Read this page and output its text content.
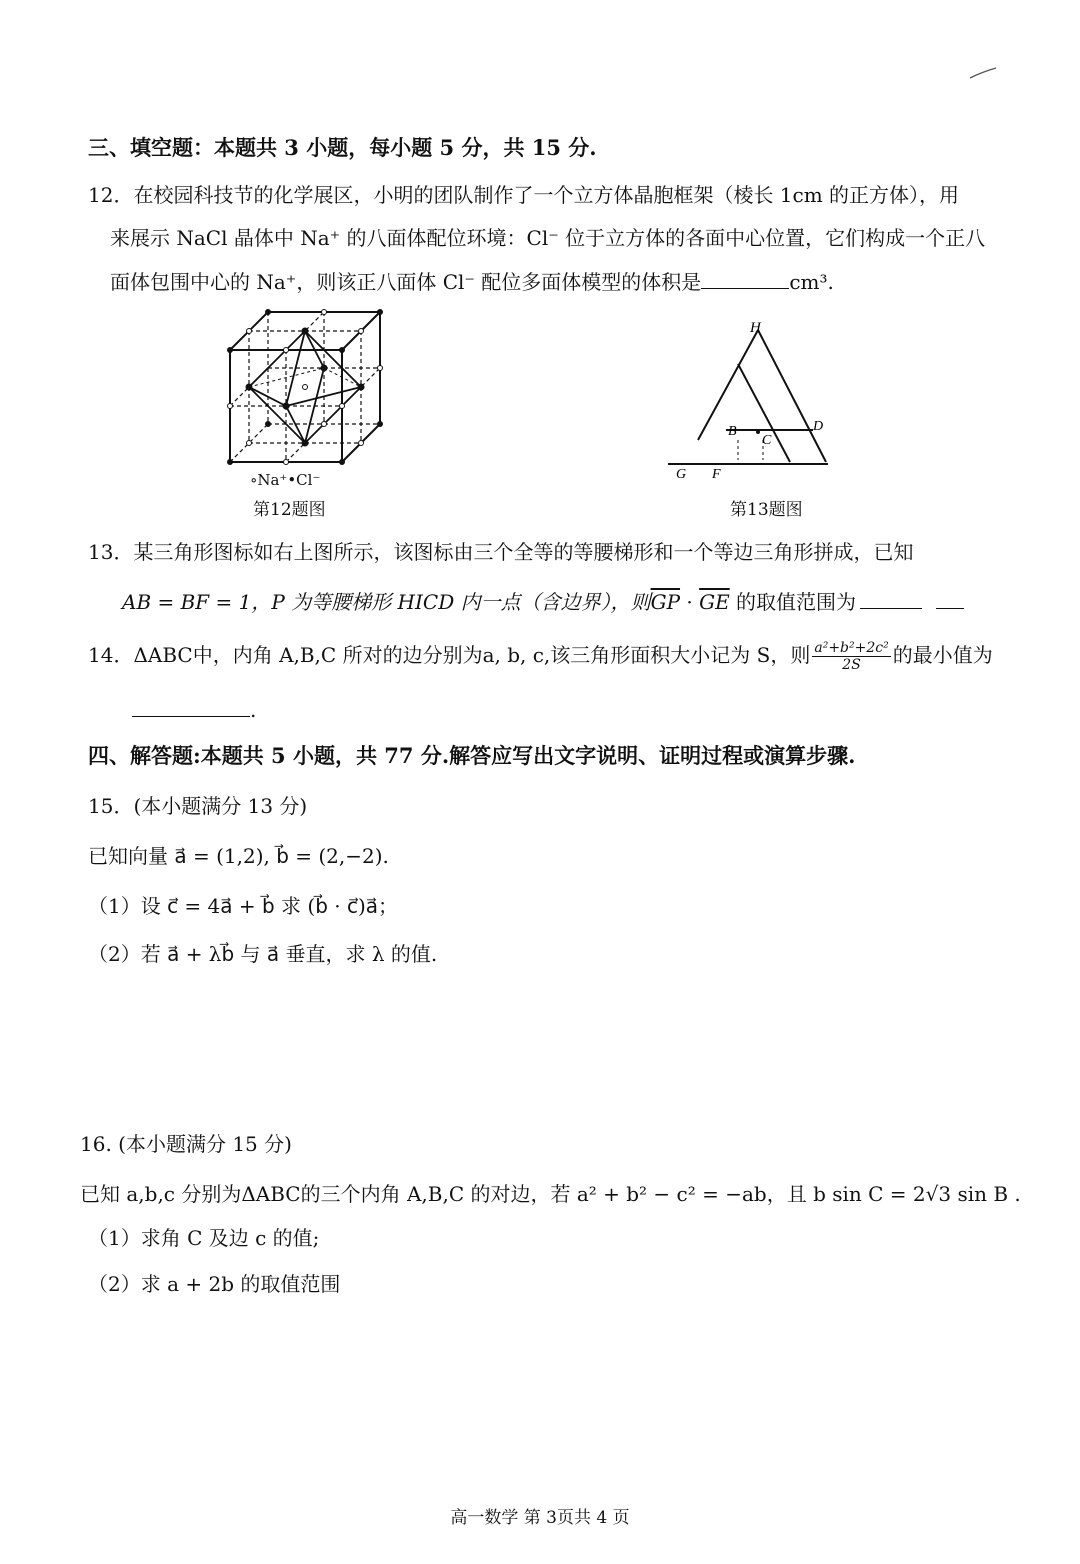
三、填空题：本题共 3 小题，每小题 5 分，共 15 分.
12．在校园科技节的化学展区，小明的团队制作了一个立方体晶胞框架（棱长 1cm 的正方体），用
来展示 NaCl 晶体中 Na⁺ 的八面体配位环境：Cl⁻ 位于立方体的各面中心位置，它们构成一个正八
面体包围中心的 Na⁺，则该正八面体 Cl⁻ 配位多面体模型的体积是	cm³.
∘Na⁺•Cl⁻
第12题图
H
B
C
D
G F
第13题图
13．某三角形图标如右上图所示，该图标由三个全等的等腰梯形和一个等边三角形拼成，已知
AB = BF = 1，P 为等腰梯形 HICD 内一点（含边界），则$\overline{GP} \cdot \overline{GE}$ 的取值范围为
14．ΔABC中，内角 A,B,C 所对的边分别为a, b, c,该三角形面积大小记为 S，则 $\frac{\text{a²+b²+2c²}}{2S}$ 的最小值为
.
四、解答题:本题共 5 小题，共 77 分.解答应写出文字说明、证明过程或演算步骤.
15．(本小题满分 13 分)
已知向量 a⃗ = (1,2), b⃗ = (2,−2).
（1）设 c⃗ = 4a⃗ + b⃗ 求 (b⃗ · c⃗)a⃗；
（2）若 a⃗ + λb⃗ 与 a⃗ 垂直，求 λ 的值.
16. (本小题满分 15 分)
已知 a,b,c 分别为ΔABC的三个内角 A,B,C 的对边，若 a² + b² − c² = −ab，且 b sin C = 2√3 sin B .
（1）求角 C 及边 c 的值;
（2）求 a + 2b 的取值范围
高一数学 第 3页共 4 页
